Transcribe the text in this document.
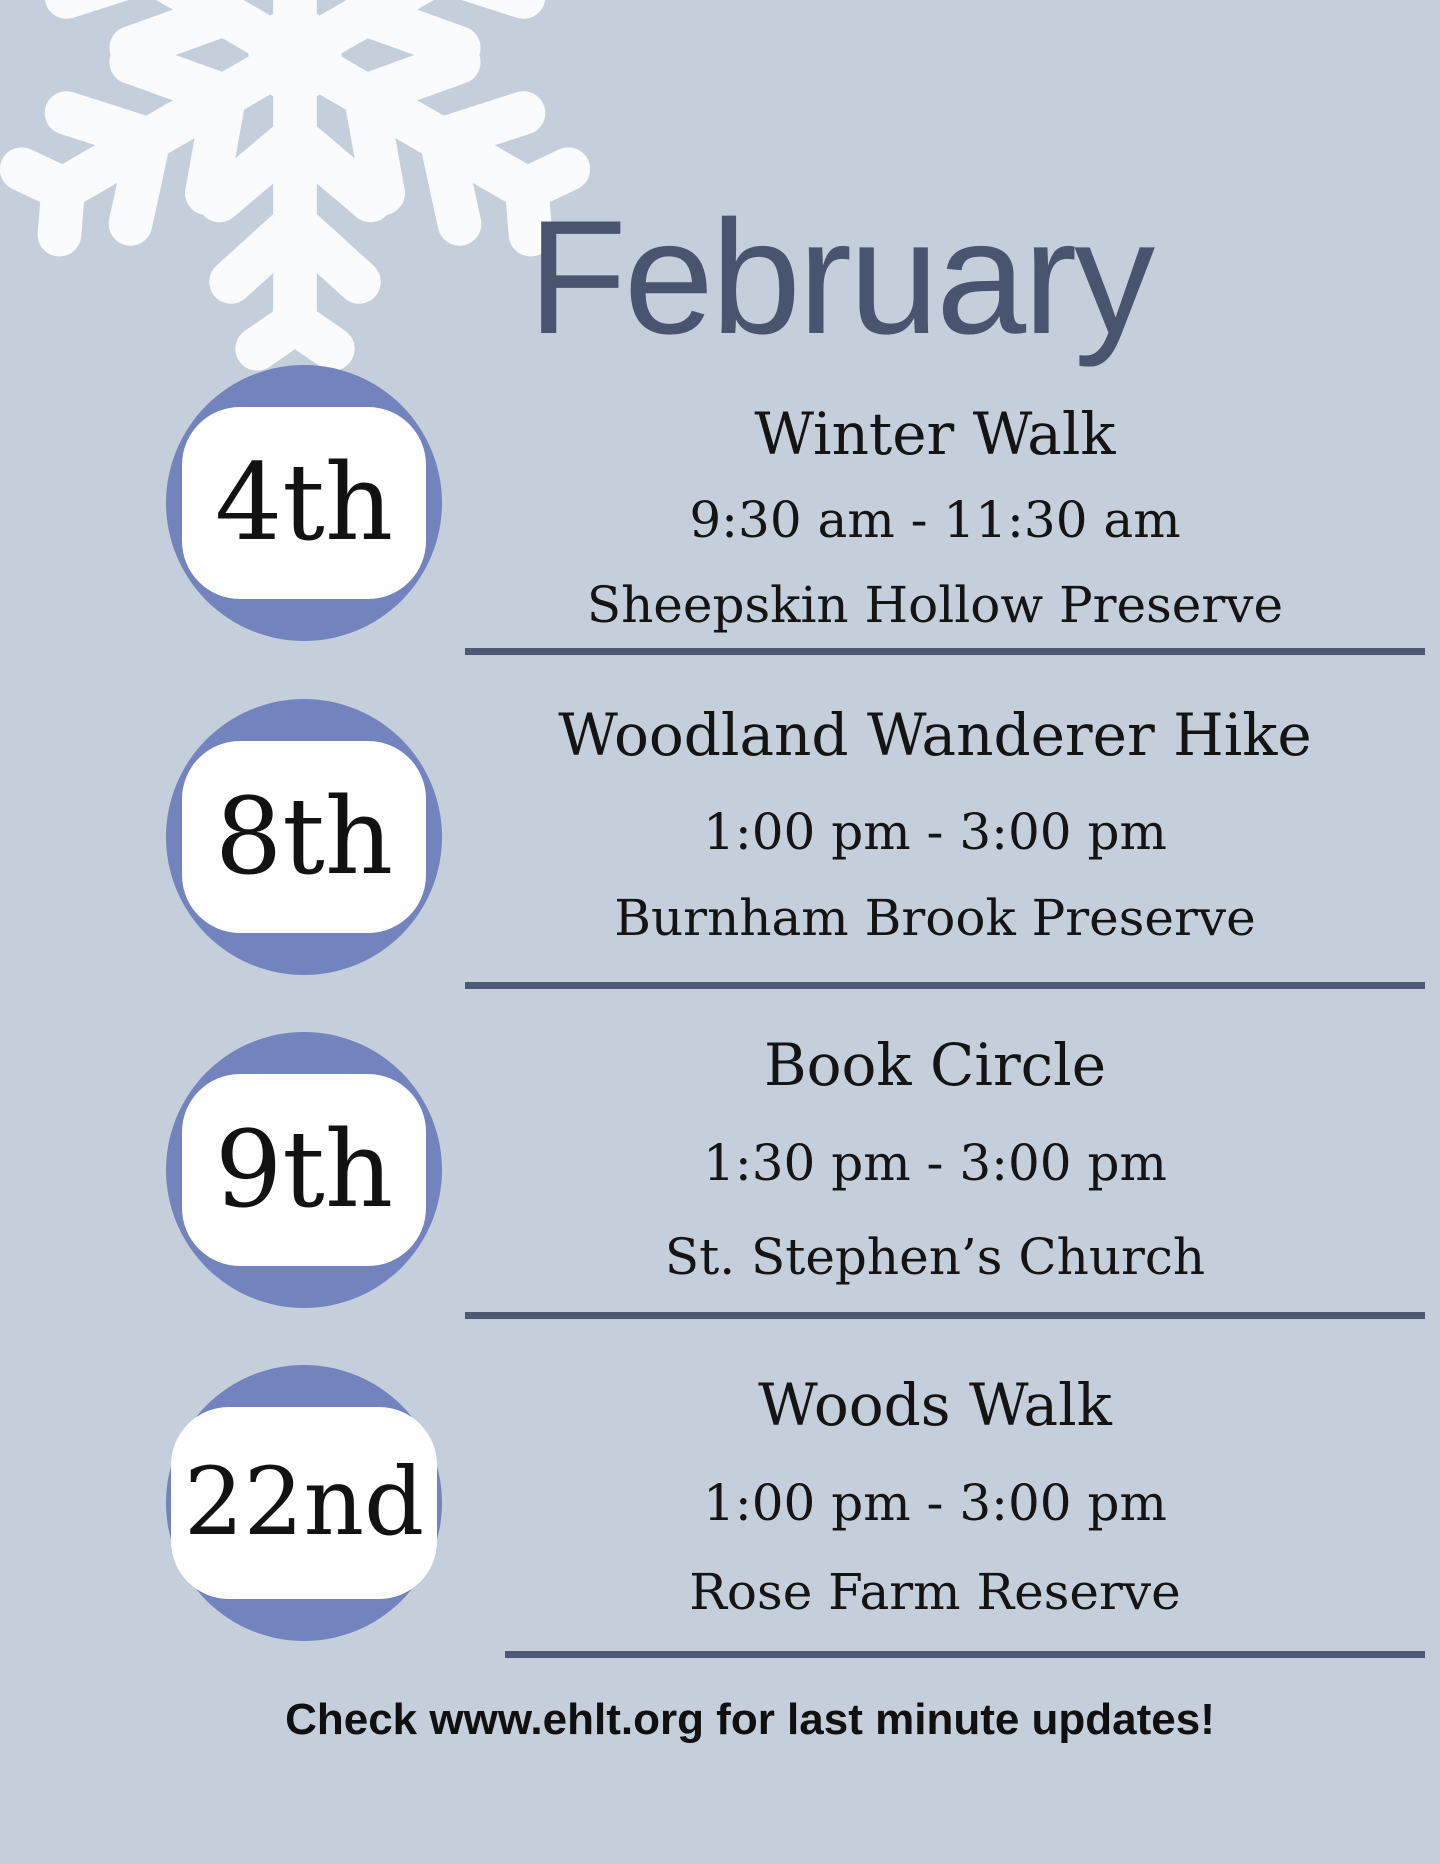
February
4th
8th
9th
22nd
Winter Walk
9:30 am - 11:30 am
Sheepskin Hollow Preserve
Woodland Wanderer Hike
1:00 pm - 3:00 pm
Burnham Brook Preserve
Book Circle
1:30 pm - 3:00 pm
St. Stephen’s Church
Woods Walk
1:00 pm - 3:00 pm
Rose Farm Reserve
Check www.ehlt.org for last minute updates!
